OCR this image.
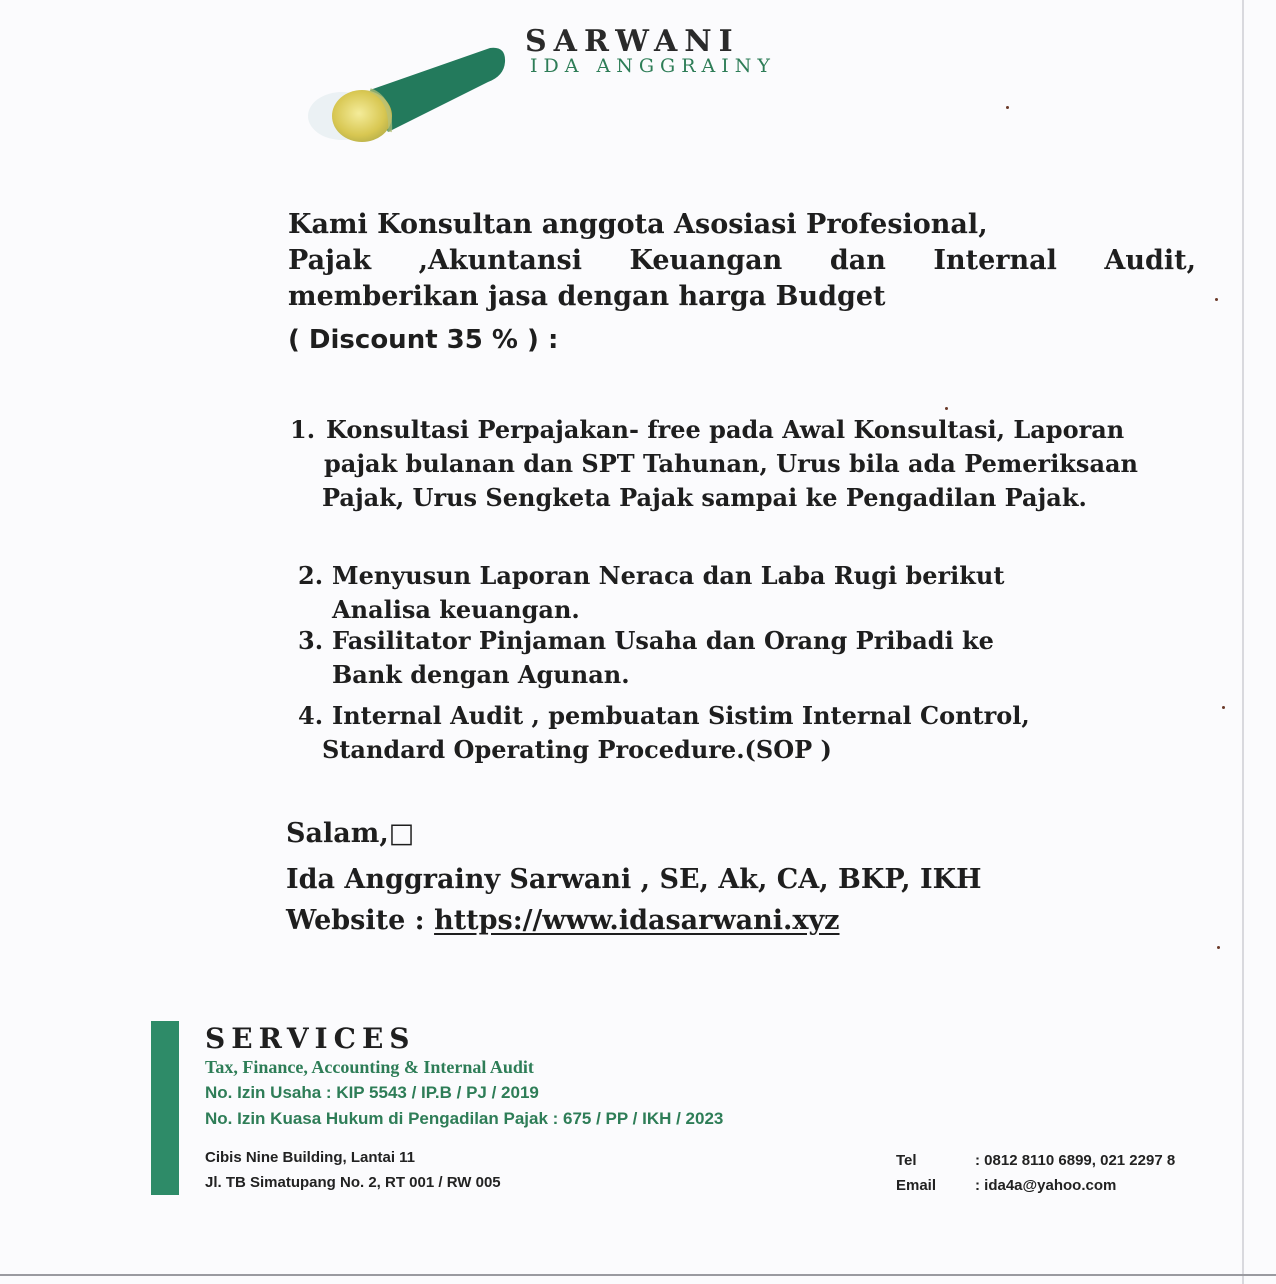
SARWANI
IDA ANGGRAINY
Kami Konsultan anggota Asosiasi Profesional,
Pajak ,Akuntansi Keuangan dan Internal Audit,
memberikan jasa dengan harga Budget
( Discount 35 % ) :
1. Konsultasi Perpajakan- free pada Awal Konsultasi, Laporan
pajak bulanan dan SPT Tahunan, Urus bila ada Pemeriksaan
Pajak, Urus Sengketa Pajak sampai ke Pengadilan Pajak.
2. Menyusun Laporan Neraca dan Laba Rugi berikut
Analisa keuangan.
3. Fasilitator Pinjaman Usaha dan Orang Pribadi ke
Bank dengan Agunan.
4. Internal Audit , pembuatan Sistim Internal Control,
Standard Operating Procedure.(SOP )
Salam,□
Ida Anggrainy Sarwani , SE, Ak, CA, BKP, IKH
Website : https://www.idasarwani.xyz
SERVICES
Tax, Finance, Accounting & Internal Audit
No. Izin Usaha : KIP 5543 / IP.B / PJ / 2019
No. Izin Kuasa Hukum di Pengadilan Pajak : 675 / PP / IKH / 2023
Cibis Nine Building, Lantai 11
Jl. TB Simatupang No. 2, RT 001 / RW 005
Tel	: 0812 8110 6899, 021 2297 8
Email	: ida4a@yahoo.com
